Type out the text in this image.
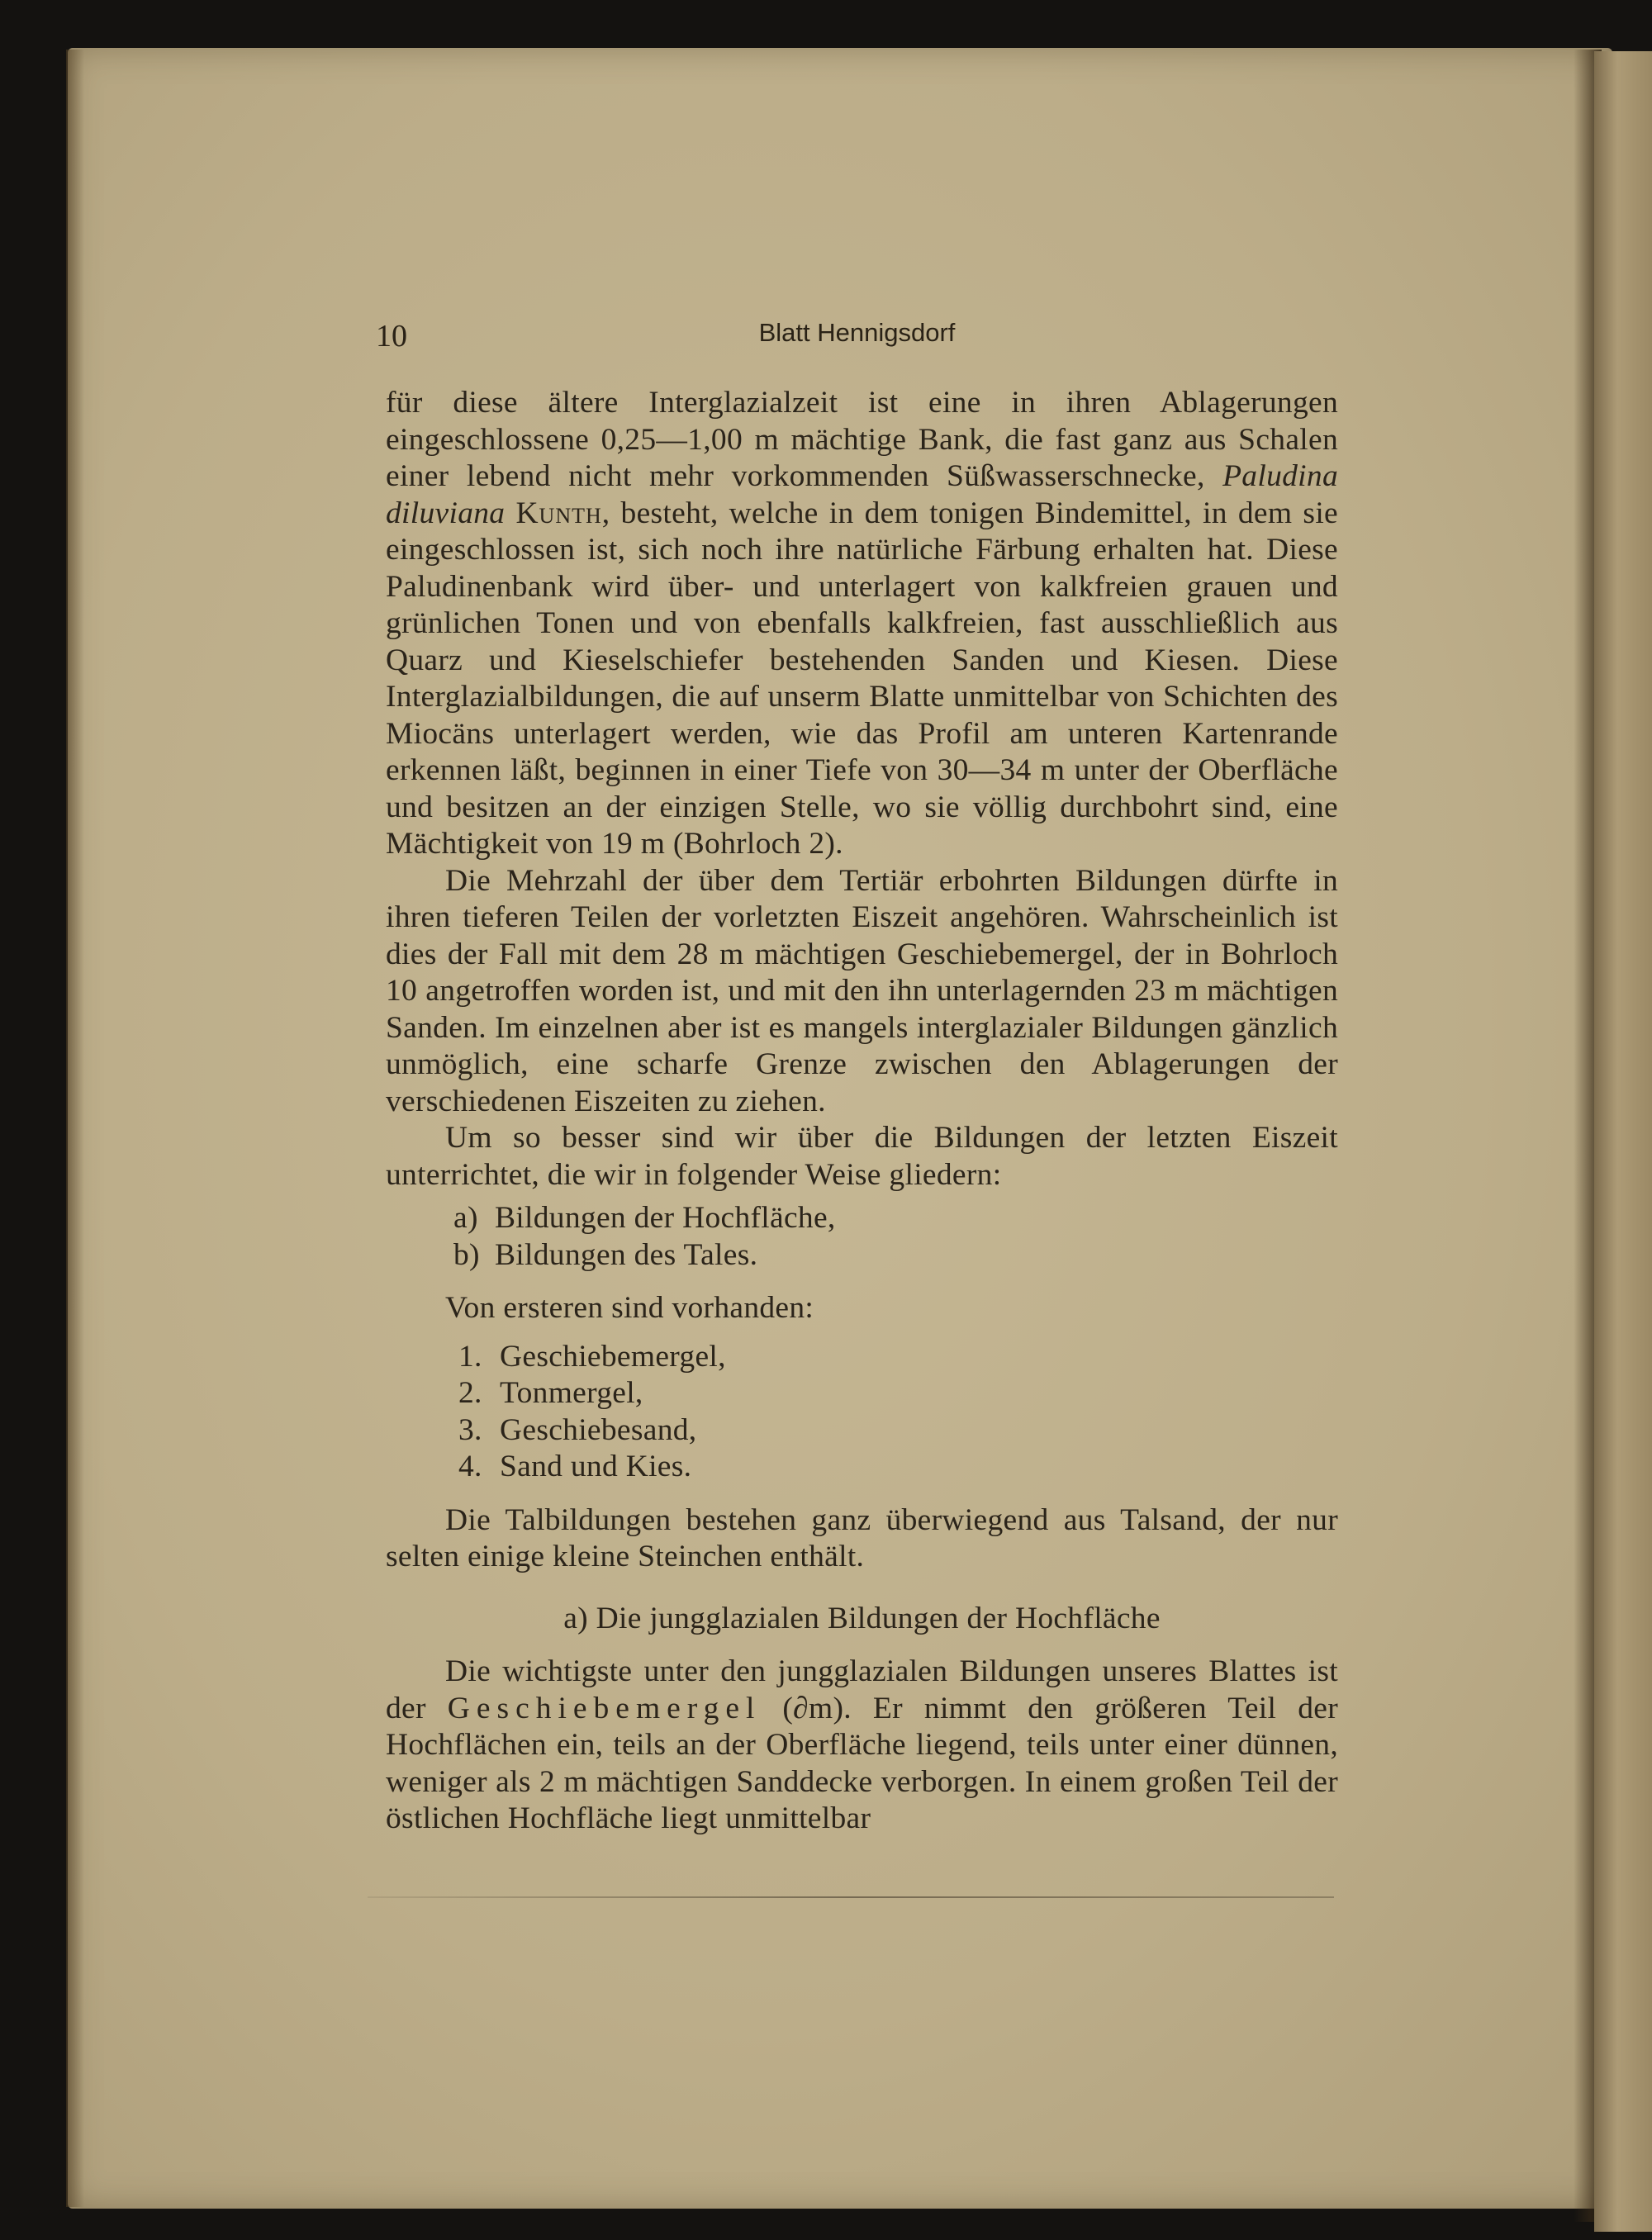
10	Blatt Hennigsdorf

für diese ältere Interglazialzeit ist eine in ihren Ablagerungen eingeschlossene 0,25—1,00 m mächtige Bank, die fast ganz aus Schalen einer lebend nicht mehr vorkommenden Süßwasserschnecke, Paludina diluviana Kunth, besteht, welche in dem tonigen Bindemittel, in dem sie eingeschlossen ist, sich noch ihre natürliche Färbung erhalten hat. Diese Paludinenbank wird über- und unterlagert von kalkfreien grauen und grünlichen Tonen und von ebenfalls kalkfreien, fast ausschließlich aus Quarz und Kieselschiefer bestehenden Sanden und Kiesen. Diese Interglazialbildungen, die auf unserm Blatte unmittelbar von Schichten des Miocäns unterlagert werden, wie das Profil am unteren Kartenrande erkennen läßt, beginnen in einer Tiefe von 30—34 m unter der Oberfläche und besitzen an der einzigen Stelle, wo sie völlig durchbohrt sind, eine Mächtigkeit von 19 m (Bohrloch 2).

Die Mehrzahl der über dem Tertiär erbohrten Bildungen dürfte in ihren tieferen Teilen der vorletzten Eiszeit angehören. Wahrscheinlich ist dies der Fall mit dem 28 m mächtigen Geschiebemergel, der in Bohrloch 10 angetroffen worden ist, und mit den ihn unterlagernden 23 m mächtigen Sanden. Im einzelnen aber ist es mangels interglazialer Bildungen gänzlich unmöglich, eine scharfe Grenze zwischen den Ablagerungen der verschiedenen Eiszeiten zu ziehen.

Um so besser sind wir über die Bildungen der letzten Eiszeit unterrichtet, die wir in folgender Weise gliedern:

a) Bildungen der Hochfläche,
b) Bildungen des Tales.

Von ersteren sind vorhanden:

1. Geschiebemergel,
2. Tonmergel,
3. Geschiebesand,
4. Sand und Kies.

Die Talbildungen bestehen ganz überwiegend aus Talsand, der nur selten einige kleine Steinchen enthält.

a) Die jungglazialen Bildungen der Hochfläche

Die wichtigste unter den jungglazialen Bildungen unseres Blattes ist der Geschiebemergel (∂m). Er nimmt den größeren Teil der Hochflächen ein, teils an der Oberfläche liegend, teils unter einer dünnen, weniger als 2 m mächtigen Sanddecke verborgen. In einem großen Teil der östlichen Hochfläche liegt unmittelbar
